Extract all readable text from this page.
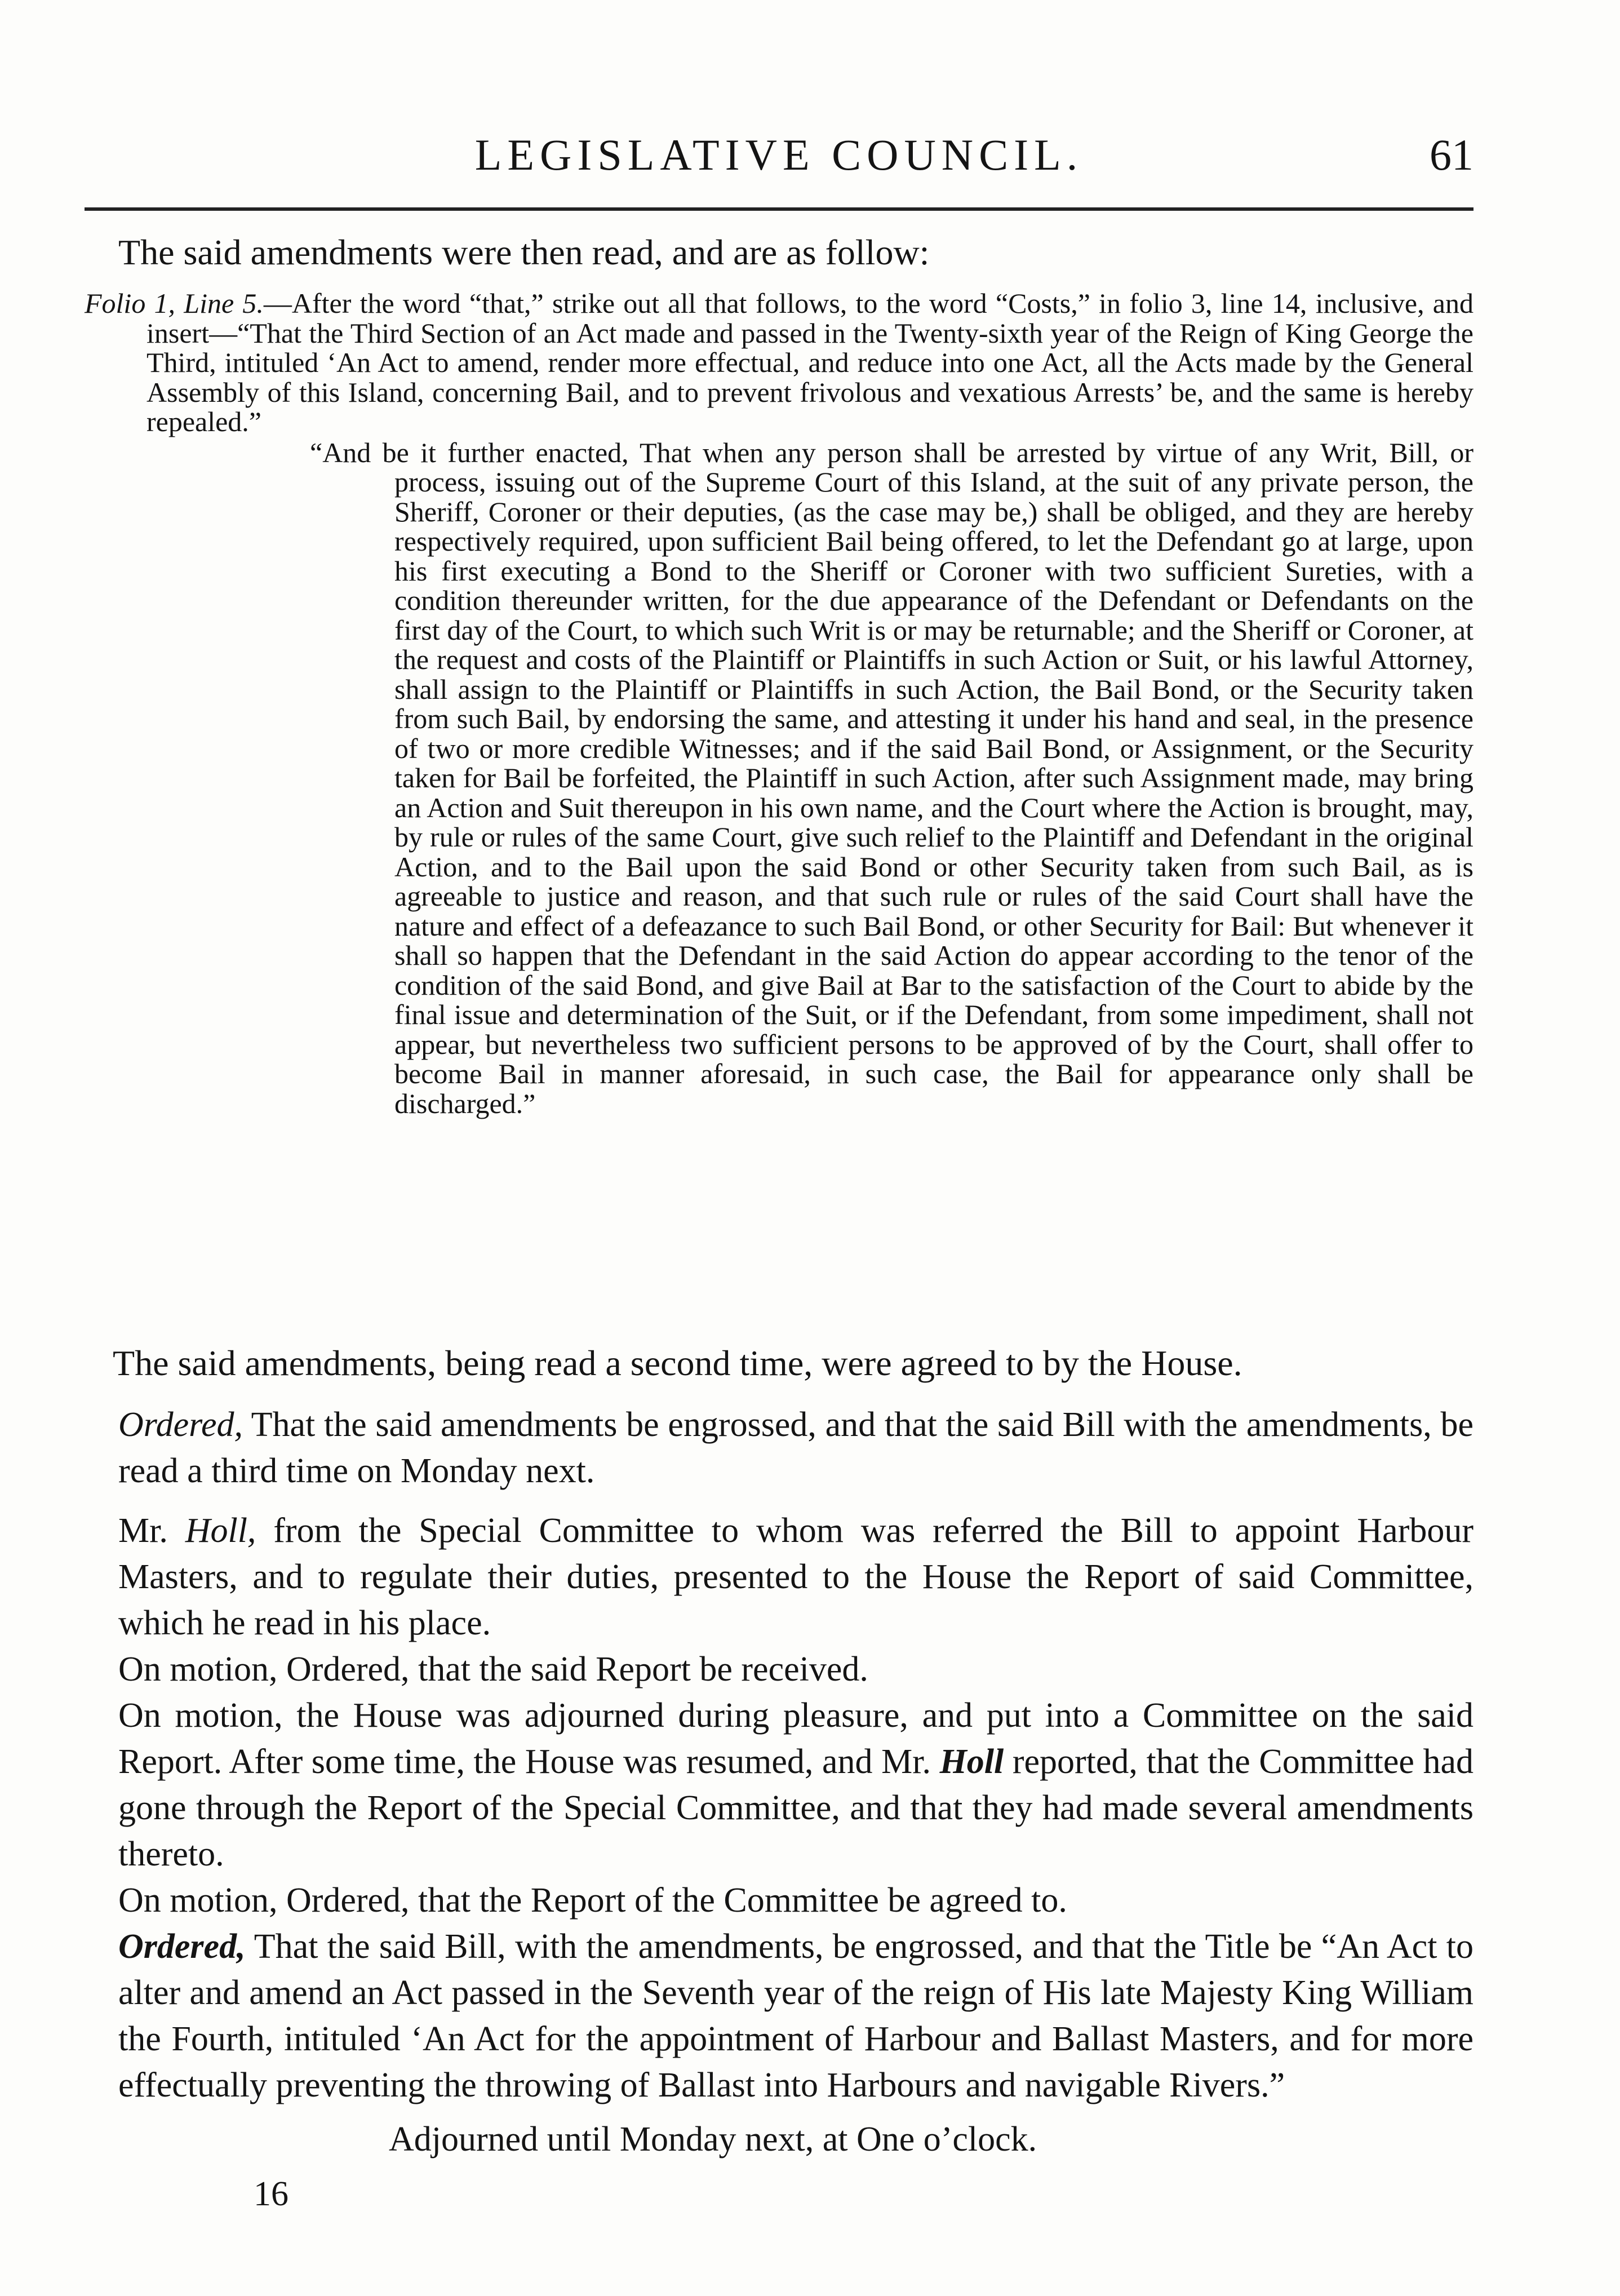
LEGISLATIVE COUNCIL.	61
The said amendments were then read, and are as follow:

Folio 1, Line 5.—After the word “that,” strike out all that follows, to the word “Costs,” in folio 3, line 14, inclusive, and insert—“That the Third Section of an Act made and passed in the Twenty-sixth year of the Reign of King George the Third, intituled ‘An Act to amend, render more effectual, and reduce into one Act, all the Acts made by the General Assembly of this Island, concerning Bail, and to prevent frivolous and vexatious Arrests’ be, and the same is hereby repealed.”

“And be it further enacted, That when any person shall be arrested by virtue of any Writ, Bill, or process, issuing out of the Supreme Court of this Island, at the suit of any private person, the Sheriff, Coroner or their deputies, (as the case may be,) shall be obliged, and they are hereby respectively required, upon sufficient Bail being offered, to let the Defendant go at large, upon his first executing a Bond to the Sheriff or Coroner with two sufficient Sureties, with a condition thereunder written, for the due appearance of the Defendant or Defendants on the first day of the Court, to which such Writ is or may be returnable; and the Sheriff or Coroner, at the request and costs of the Plaintiff or Plaintiffs in such Action or Suit, or his lawful Attorney, shall assign to the Plaintiff or Plaintiffs in such Action, the Bail Bond, or the Security taken from such Bail, by endorsing the same, and attesting it under his hand and seal, in the presence of two or more credible Witnesses; and if the said Bail Bond, or Assignment, or the Security taken for Bail be forfeited, the Plaintiff in such Action, after such Assignment made, may bring an Action and Suit thereupon in his own name, and the Court where the Action is brought, may, by rule or rules of the same Court, give such relief to the Plaintiff and Defendant in the original Action, and to the Bail upon the said Bond or other Security taken from such Bail, as is agreeable to justice and reason, and that such rule or rules of the said Court shall have the nature and effect of a defeazance to such Bail Bond, or other Security for Bail: But whenever it shall so happen that the Defendant in the said Action do appear according to the tenor of the condition of the said Bond, and give Bail at Bar to the satisfaction of the Court to abide by the final issue and determination of the Suit, or if the Defendant, from some impediment, shall not appear, but nevertheless two sufficient persons to be approved of by the Court, shall offer to become Bail in manner aforesaid, in such case, the Bail for appearance only shall be discharged.”

The said amendments, being read a second time, were agreed to by the House.

Ordered, That the said amendments be engrossed, and that the said Bill with the amendments, be read a third time on Monday next.

Mr. Holl, from the Special Committee to whom was referred the Bill to appoint Harbour Masters, and to regulate their duties, presented to the House the Report of said Committee, which he read in his place.

On motion, Ordered, that the said Report be received.

On motion, the House was adjourned during pleasure, and put into a Committee on the said Report. After some time, the House was resumed, and Mr. Holl reported, that the Committee had gone through the Report of the Special Committee, and that they had made several amendments thereto.

On motion, Ordered, that the Report of the Committee be agreed to.

Ordered, That the said Bill, with the amendments, be engrossed, and that the Title be “An Act to alter and amend an Act passed in the Seventh year of the reign of His late Majesty King William the Fourth, intituled ‘An Act for the appointment of Harbour and Ballast Masters, and for more effectually preventing the throwing of Ballast into Harbours and navigable Rivers.”

Adjourned until Monday next, at One o’clock.
16
